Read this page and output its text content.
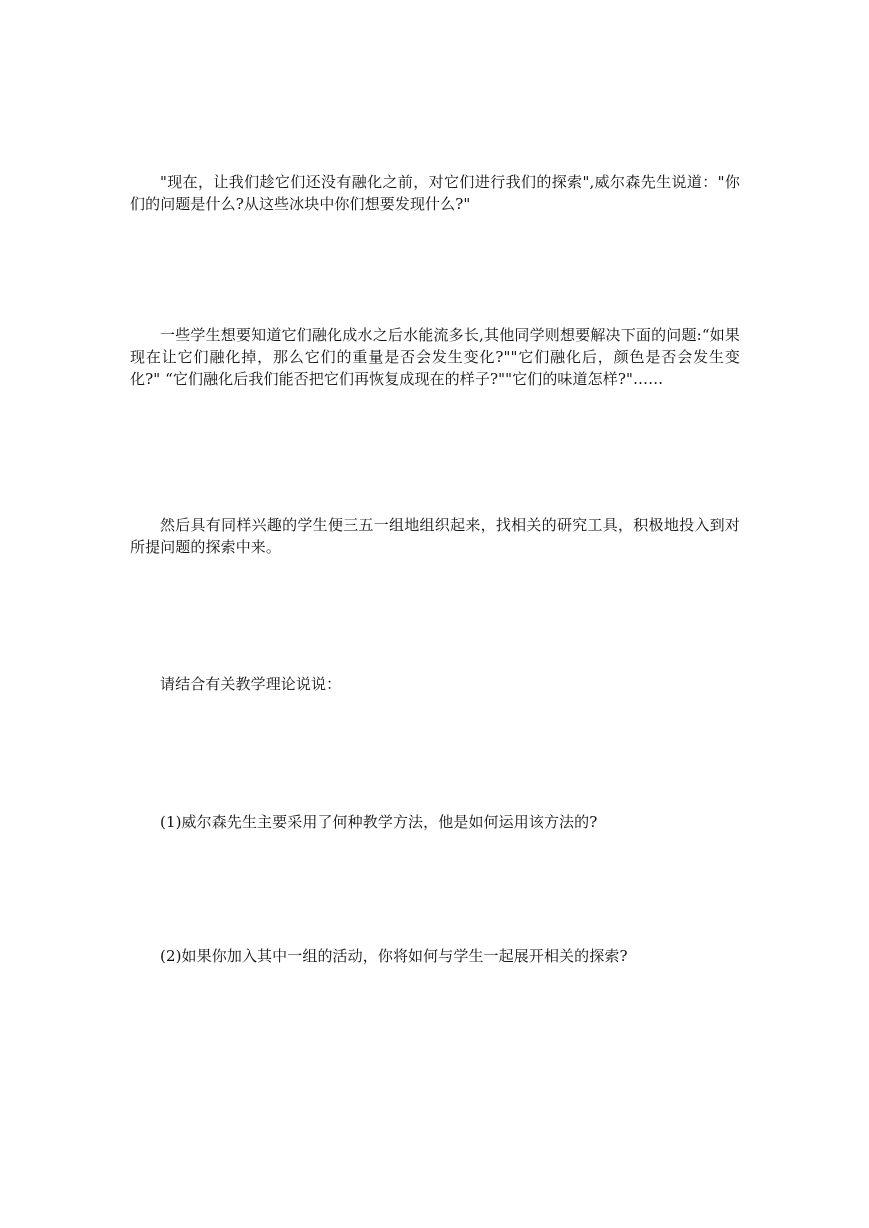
"现在，让我们趁它们还没有融化之前，对它们进行我们的探索",威尔森先生说道："你们的问题是什么?从这些冰块中你们想要发现什么?"

一些学生想要知道它们融化成水之后水能流多长,其他同学则想要解决下面的问题:“如果现在让它们融化掉，那么它们的重量是否会发生变化?""它们融化后，颜色是否会发生变化?" “它们融化后我们能否把它们再恢复成现在的样子?""它们的味道怎样?"……

然后具有同样兴趣的学生便三五一组地组织起来，找相关的研究工具，积极地投入到对所提问题的探索中来。

请结合有关教学理论说说：

(1)威尔森先生主要采用了何种教学方法，他是如何运用该方法的?

(2)如果你加入其中一组的活动，你将如何与学生一起展开相关的探索?
